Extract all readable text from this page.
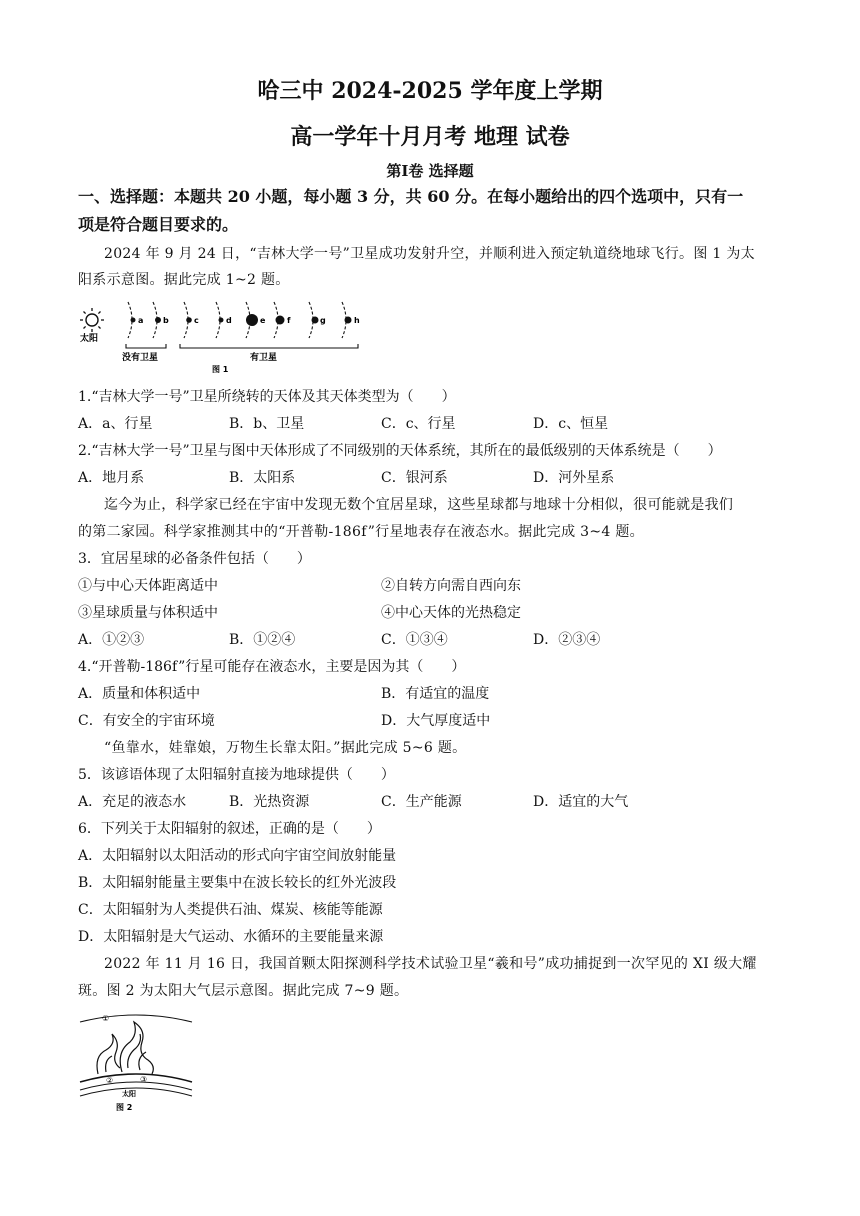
哈三中 2024-2025 学年度上学期
高一学年十月月考 地理 试卷
第Ⅰ卷 选择题
一、选择题：本题共 20 小题，每小题 3 分，共 60 分。在每小题给出的四个选项中，只有一
项是符合题目要求的。
2024 年 9 月 24 日，“吉林大学一号”卫星成功发射升空，并顺利进入预定轨道绕地球飞行。图 1 为太
阳系示意图。据此完成 1~2 题。
太阳
a b	c	d	e	f	g	h
没有卫星	有卫星
图 1
1.“吉林大学一号”卫星所绕转的天体及其天体类型为（　　）
A．a、行星	B．b、卫星	C．c、行星	D．c、恒星
2.“吉林大学一号”卫星与图中天体形成了不同级别的天体系统，其所在的最低级别的天体系统是（　　）
A．地月系	B．太阳系	C．银河系	D．河外星系
迄今为止，科学家已经在宇宙中发现无数个宜居星球，这些星球都与地球十分相似，很可能就是我们
的第二家园。科学家推测其中的“开普勒-186f”行星地表存在液态水。据此完成 3~4 题。
3．宜居星球的必备条件包括（　　）
①与中心天体距离适中	②自转方向需自西向东
③星球质量与体积适中	④中心天体的光热稳定
A．①②③	B．①②④	C．①③④	D．②③④
4.“开普勒-186f”行星可能存在液态水，主要是因为其（　　）
A．质量和体积适中	B．有适宜的温度
C．有安全的宇宙环境	D．大气厚度适中
“鱼靠水，娃靠娘，万物生长靠太阳。”据此完成 5~6 题。
5．该谚语体现了太阳辐射直接为地球提供（　　）
A．充足的液态水	B．光热资源	C．生产能源	D．适宜的大气
6．下列关于太阳辐射的叙述，正确的是（　　）
A．太阳辐射以太阳活动的形式向宇宙空间放射能量
B．太阳辐射能量主要集中在波长较长的红外光波段
C．太阳辐射为人类提供石油、煤炭、核能等能源
D．太阳辐射是大气运动、水循环的主要能量来源
2022 年 11 月 16 日，我国首颗太阳探测科学技术试验卫星“羲和号”成功捕捉到一次罕见的 XI 级大耀
斑。图 2 为太阳大气层示意图。据此完成 7~9 题。
①
②	③
太阳
图 2
